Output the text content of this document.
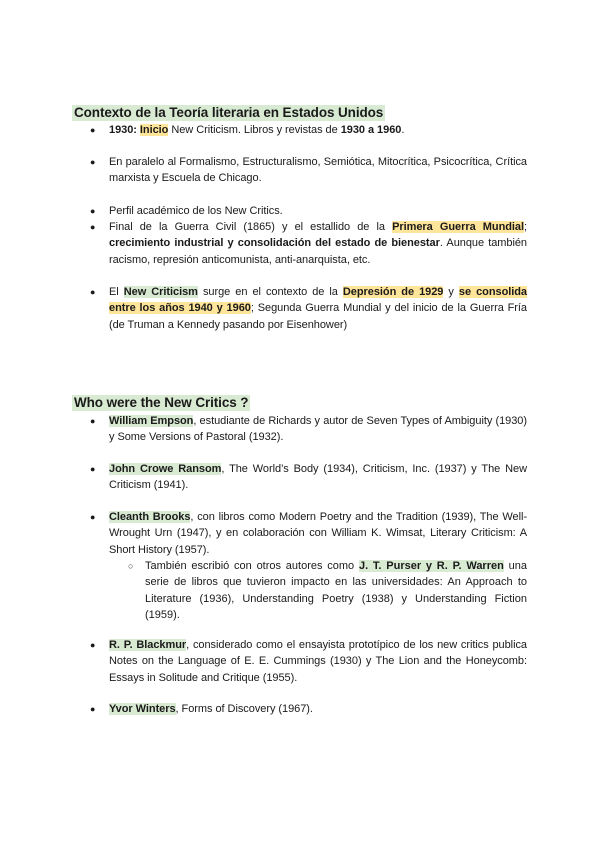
Contexto de la Teoría literaria en Estados Unidos
● 1930: Inicio New Criticism. Libros y revistas de 1930 a 1960.
● En paralelo al Formalismo, Estructuralismo, Semiótica, Mitocrítica, Psicocrítica, Crítica marxista y Escuela de Chicago.
● Perfil académico de los New Critics.
● Final de la Guerra Civil (1865) y el estallido de la Primera Guerra Mundial; crecimiento industrial y consolidación del estado de bienestar. Aunque también racismo, represión anticomunista, anti-anarquista, etc.
● El New Criticism surge en el contexto de la Depresión de 1929 y se consolida entre los años 1940 y 1960; Segunda Guerra Mundial y del inicio de la Guerra Fría (de Truman a Kennedy pasando por Eisenhower)
Who were the New Critics ?
● William Empson, estudiante de Richards y autor de Seven Types of Ambiguity (1930) y Some Versions of Pastoral (1932).
● John Crowe Ransom, The World’s Body (1934), Criticism, Inc. (1937) y The New Criticism (1941).
● Cleanth Brooks, con libros como Modern Poetry and the Tradition (1939), The Well-Wrought Urn (1947), y en colaboración con William K. Wimsat, Literary Criticism: A Short History (1957).
○ También escribió con otros autores como J. T. Purser y R. P. Warren una serie de libros que tuvieron impacto en las universidades: An Approach to Literature (1936), Understanding Poetry (1938) y Understanding Fiction (1959).
● R. P. Blackmur, considerado como el ensayista prototípico de los new critics publica Notes on the Language of E. E. Cummings (1930) y The Lion and the Honeycomb: Essays in Solitude and Critique (1955).
● Yvor Winters, Forms of Discovery (1967).
